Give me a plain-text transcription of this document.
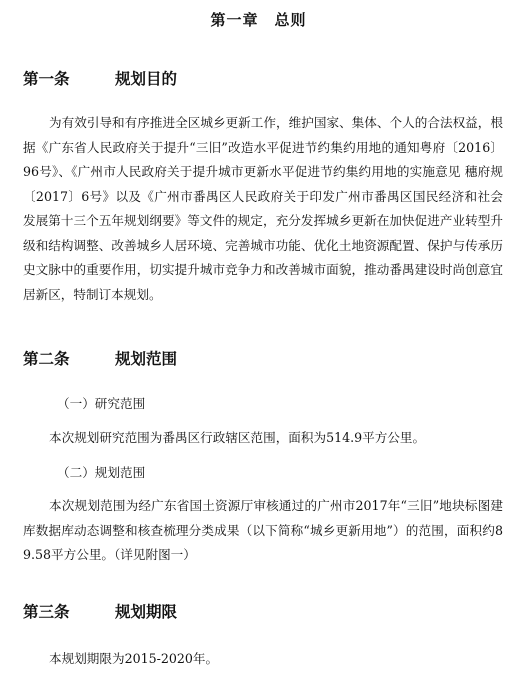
第一章　总则
第一条	规划目的

为有效引导和有序推进全区城乡更新工作，维护国家、集体、个人的合法权益，根据《广东省人民政府关于提升“三旧”改造水平促进节约集约用地的通知粤府〔2016〕96号》、《广州市人民政府关于提升城市更新水平促进节约集约用地的实施意见 穗府规〔2017〕6号》以及《广州市番禺区人民政府关于印发广州市番禺区国民经济和社会发展第十三个五年规划纲要》等文件的规定，充分发挥城乡更新在加快促进产业转型升级和结构调整、改善城乡人居环境、完善城市功能、优化土地资源配置、保护与传承历史文脉中的重要作用，切实提升城市竞争力和改善城市面貌，推动番禺建设时尚创意宜居新区，特制订本规划。

第二条	规划范围

（一）研究范围

本次规划研究范围为番禺区行政辖区范围，面积为514.9平方公里。

（二）规划范围

本次规划范围为经广东省国土资源厅审核通过的广州市2017年“三旧”地块标图建库数据库动态调整和核查梳理分类成果（以下简称“城乡更新用地”）的范围，面积约89.58平方公里。（详见附图一）

第三条	规划期限

本规划期限为2015-2020年。
